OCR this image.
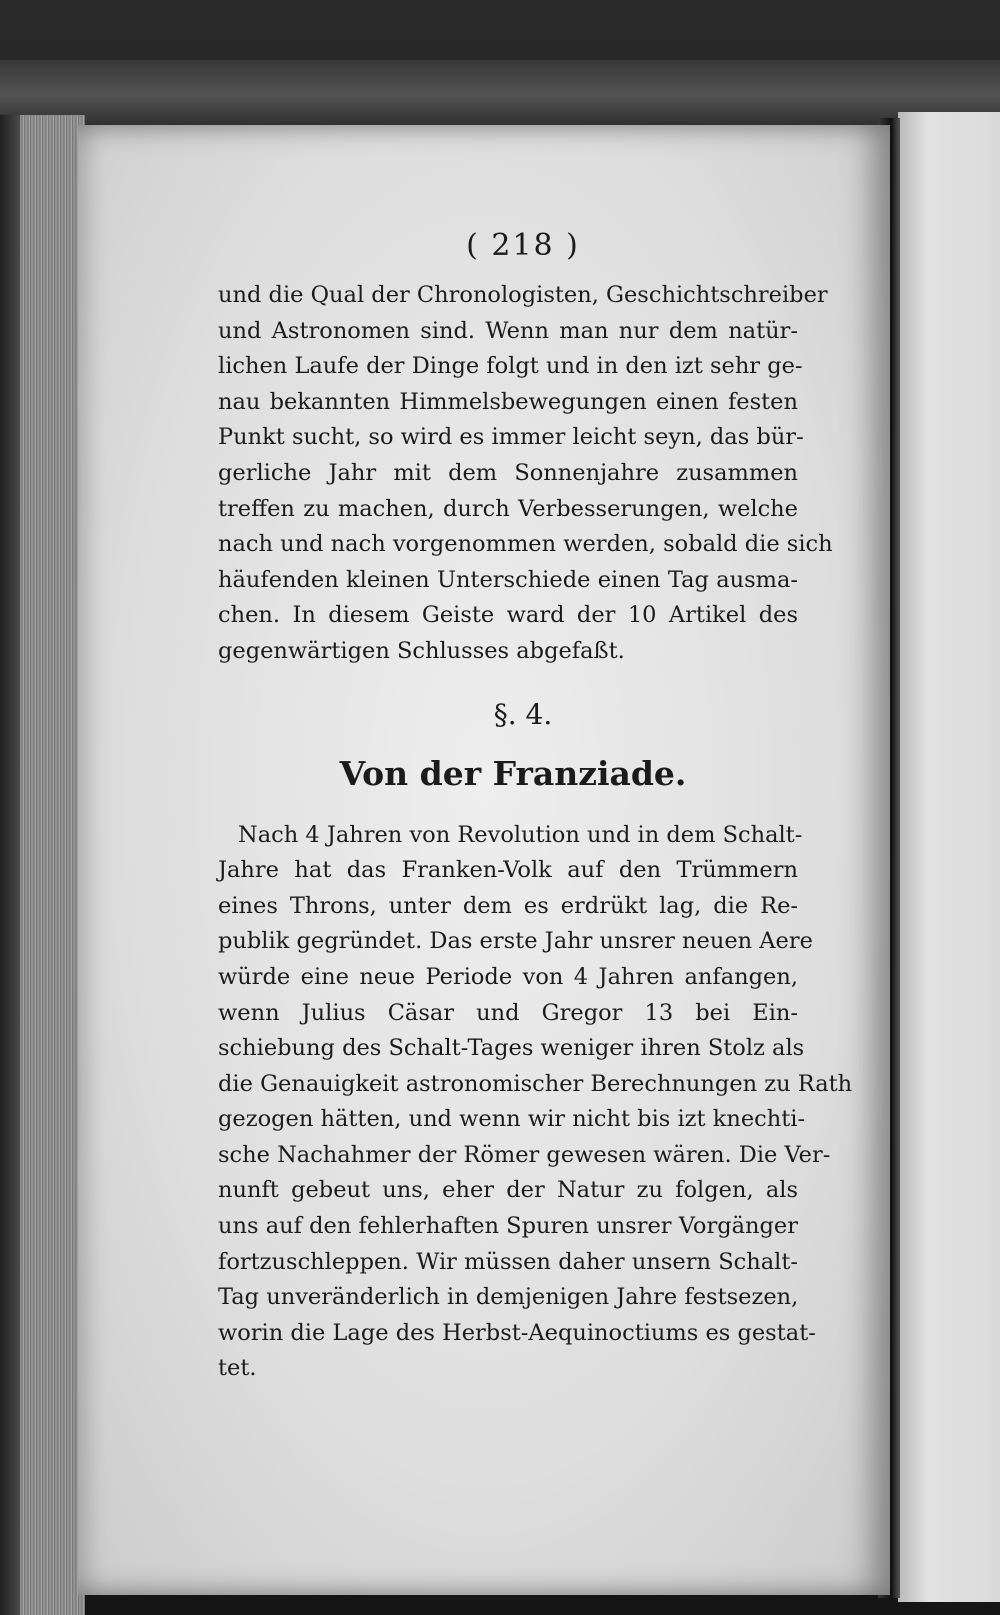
( 218 )

und die Qual der Chronologisten, Geschichtschreiber
und Astronomen sind. Wenn man nur dem natür-
lichen Laufe der Dinge folgt und in den izt sehr ge-
nau bekannten Himmelsbewegungen einen festen
Punkt sucht, so wird es immer leicht seyn, das bür-
gerliche Jahr mit dem Sonnenjahre zusammen
treffen zu machen, durch Verbesserungen, welche
nach und nach vorgenommen werden, sobald die sich
häufenden kleinen Unterschiede einen Tag ausma-
chen. In diesem Geiste ward der 10 Artikel des
gegenwärtigen Schlusses abgefaßt.

§. 4.
Von der Franziade.

Nach 4 Jahren von Revolution und in dem Schalt-
Jahre hat das Franken-Volk auf den Trümmern
eines Throns, unter dem es erdrükt lag, die Re-
publik gegründet. Das erste Jahr unsrer neuen Aere
würde eine neue Periode von 4 Jahren anfangen,
wenn Julius Cäsar und Gregor 13 bei Ein-
schiebung des Schalt-Tages weniger ihren Stolz als
die Genauigkeit astronomischer Berechnungen zu Rath
gezogen hätten, und wenn wir nicht bis izt knechti-
sche Nachahmer der Römer gewesen wären. Die Ver-
nunft gebeut uns, eher der Natur zu folgen, als
uns auf den fehlerhaften Spuren unsrer Vorgänger
fortzuschleppen. Wir müssen daher unsern Schalt-
Tag unveränderlich in demjenigen Jahre festsezen,
worin die Lage des Herbst-Aequinoctiums es gestat-
tet.
